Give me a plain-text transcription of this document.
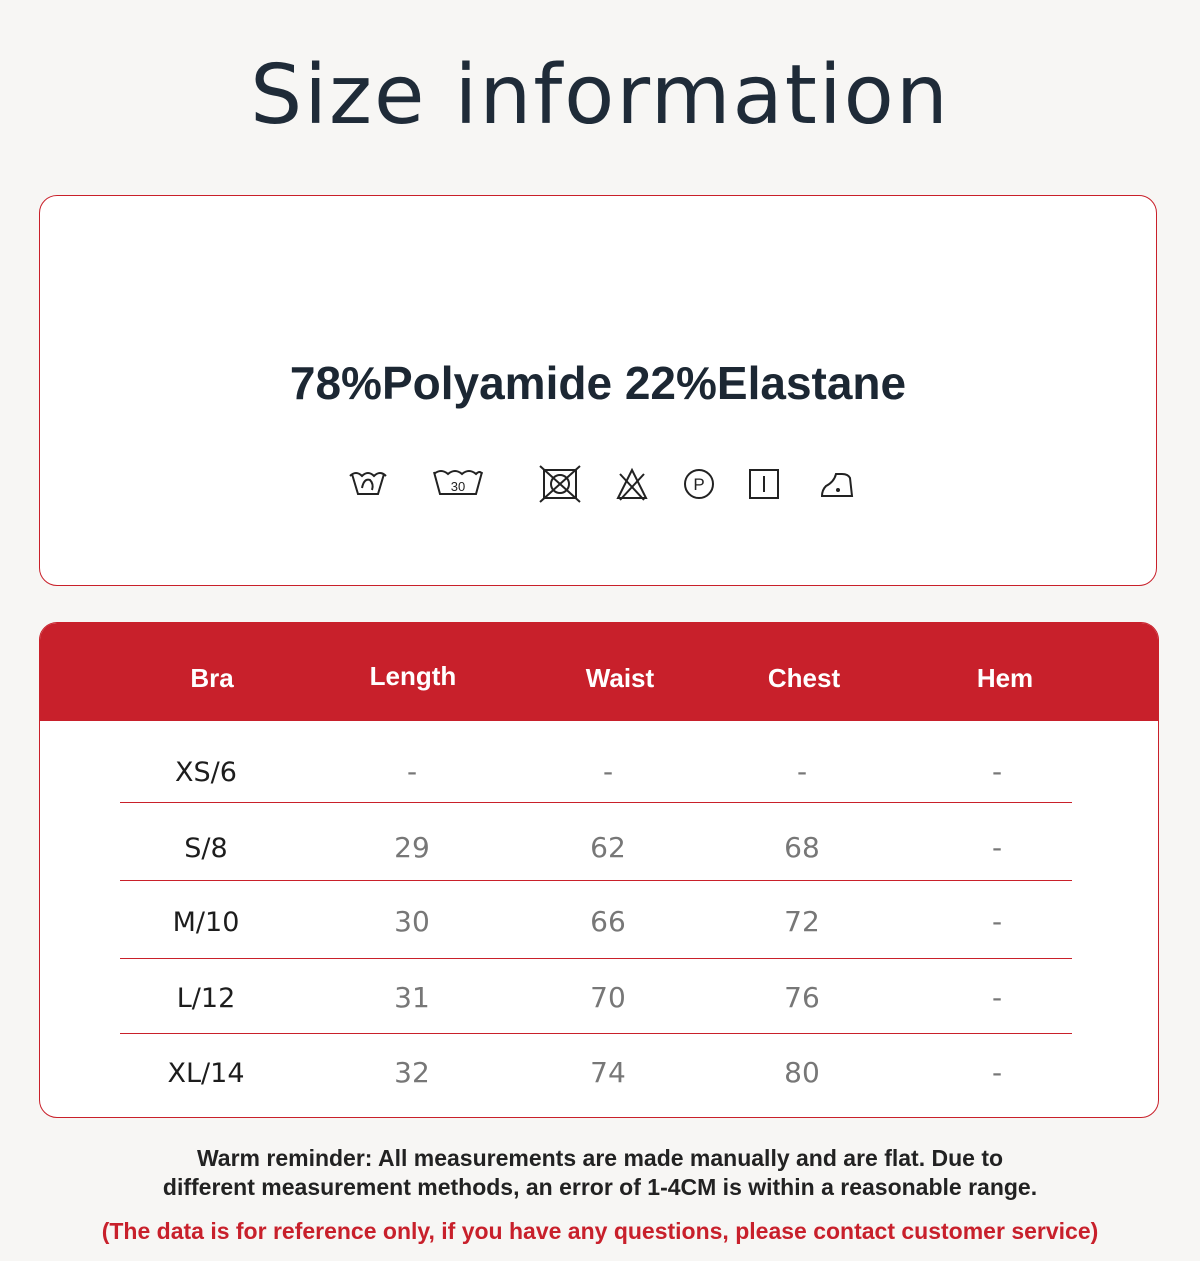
Size information
78%Polyamide 22%Elastane
30	P
Bra	Length	Waist	Chest	Hem
XS/6	-	-	-	-
S/8	29	62	68	-
M/10	30	66	72	-
L/12	31	70	76	-
XL/14	32	74	80	-
Warm reminder: All measurements are made manually and are flat. Due to
different measurement methods, an error of 1-4CM is within a reasonable range.
(The data is for reference only, if you have any questions, please contact customer service)
